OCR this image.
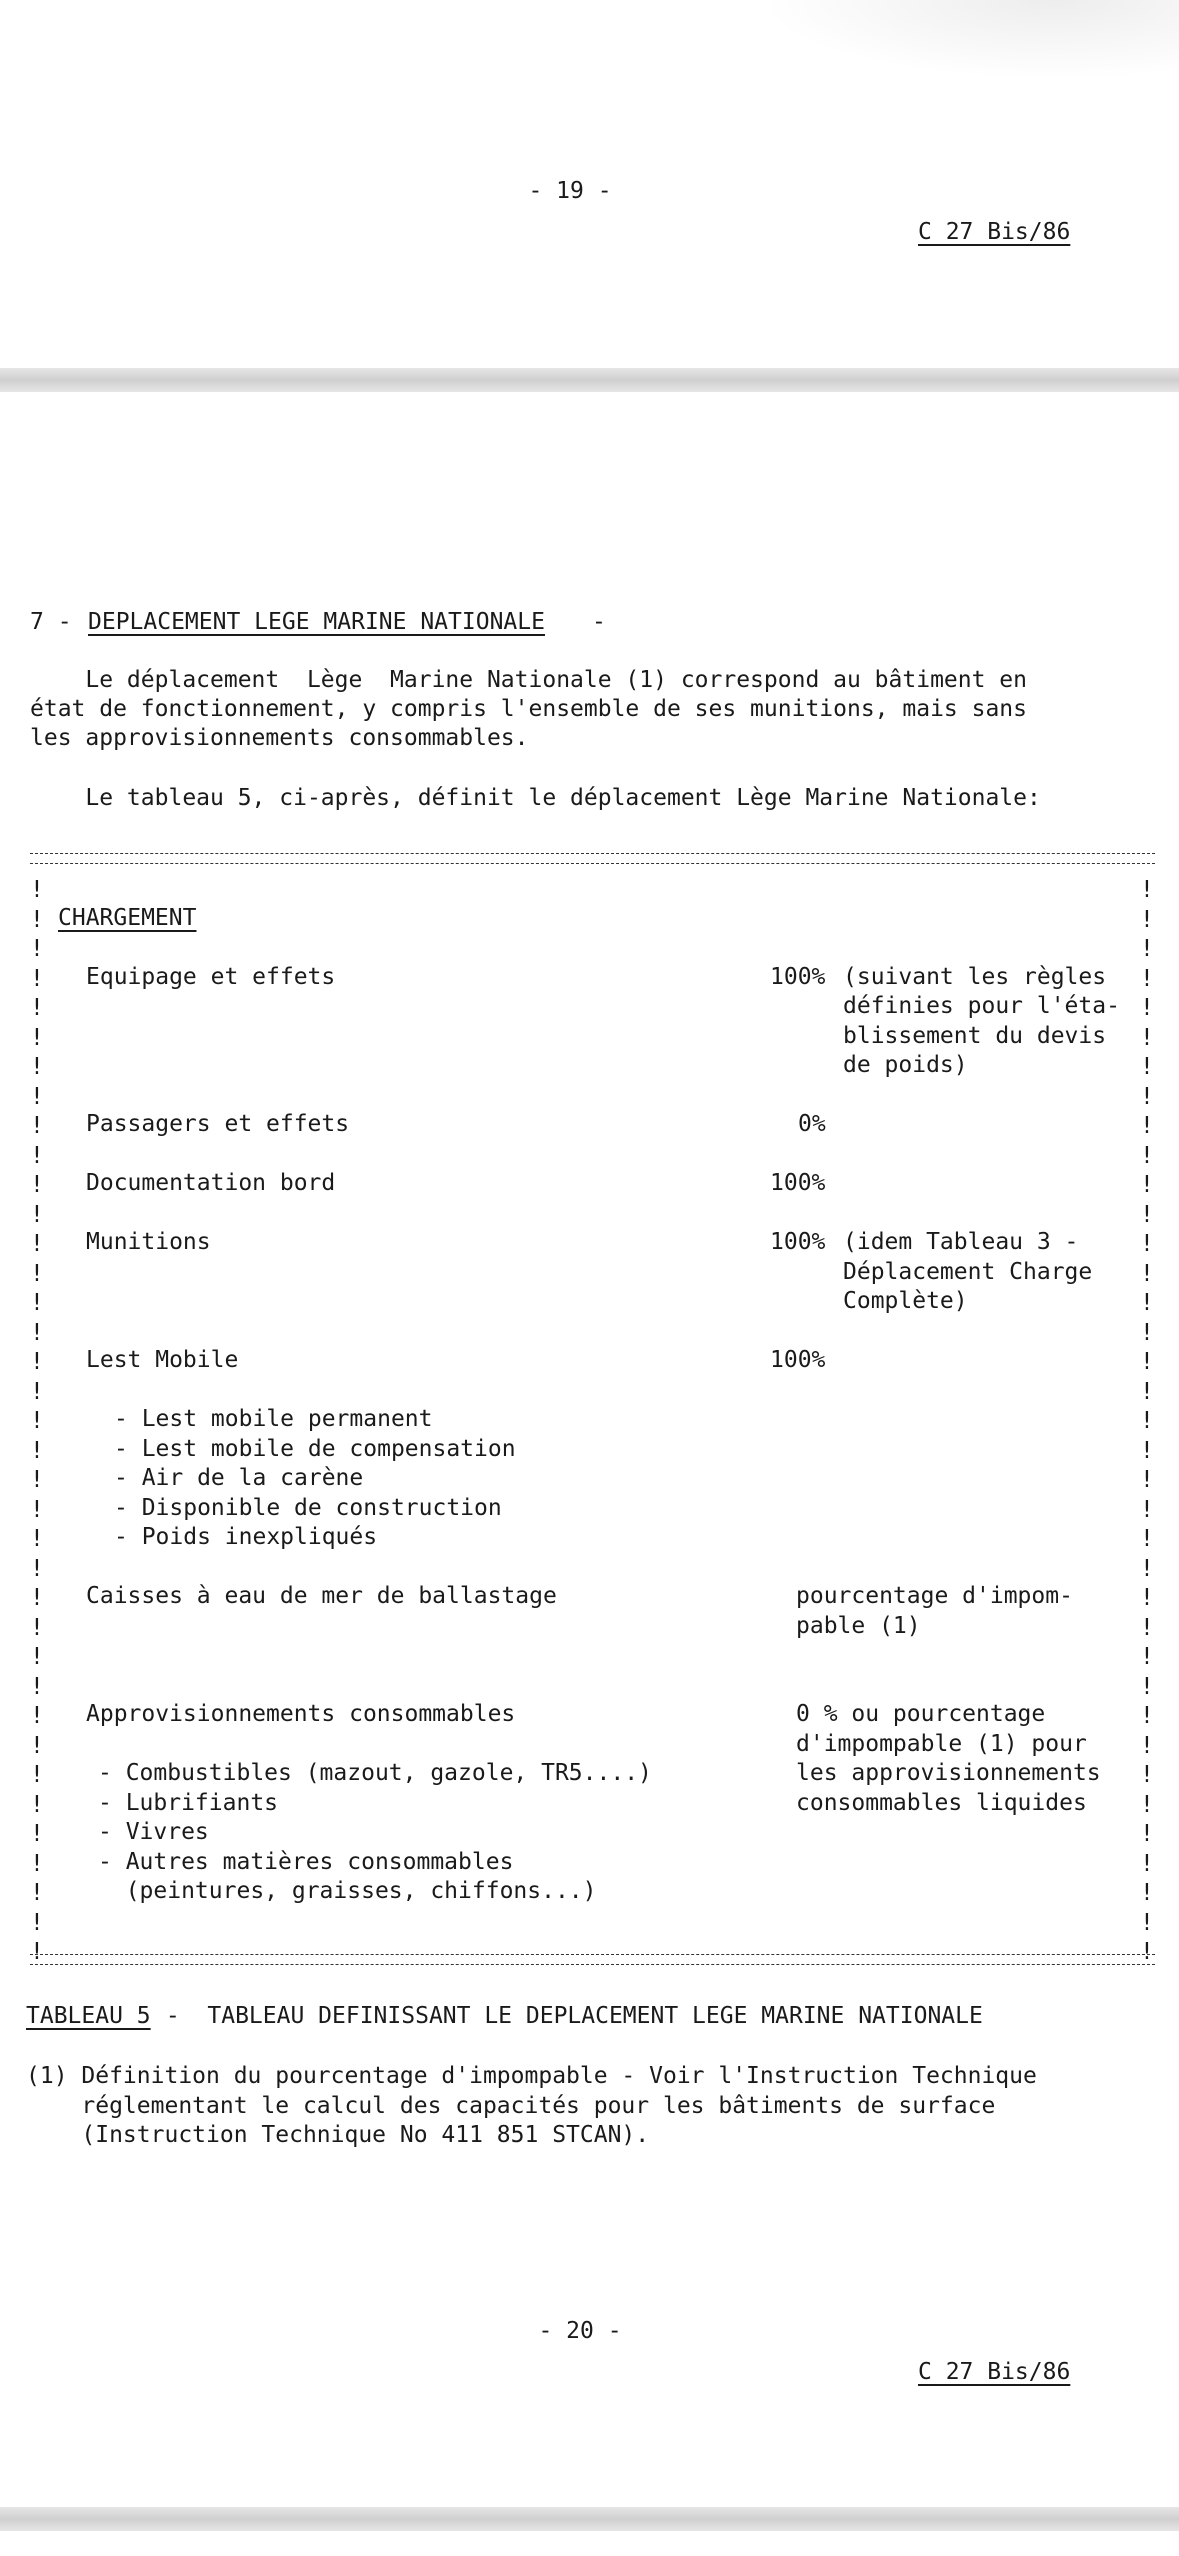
- 19 -
C 27 Bis/86
7 - DEPLACEMENT LEGE MARINE NATIONALE -
Le déplacement  Lège  Marine Nationale (1) correspond au bâtiment en
état de fonctionnement, y compris l'ensemble de ses munitions, mais sans
les approvisionnements consommables.
Le tableau 5, ci-après, définit le déplacement Lège Marine Nationale:
!
!
!
!
!
!
!
!
!
!
!
!
!
!
!
!
!
!
!
!
!
!
!
!
!
!
!
!
!
!
!
!
!
!
!
!
!
!
!
!
!
!
!
!
!
!
!
!
!
!
!
!
!
!
!
!
!
!
!
!
!
!
!
!
!
!
!
!
!
!
!
!
!
!
CHARGEMENT
Equipage et effets	100% (suivant les règles
définies pour l'éta-
blissement du devis
de poids)
Passagers et effets	0%
Documentation bord	100%
Munitions	100% (idem Tableau 3 -
Déplacement Charge
Complète)
Lest Mobile	100%
- Lest mobile permanent
- Lest mobile de compensation
- Air de la carène
- Disponible de construction
- Poids inexpliqués
Caisses à eau de mer de ballastage	pourcentage d'impom-
pable (1)
Approvisionnements consommables	0 % ou pourcentage
d'impompable (1) pour
les approvisionnements
consommables liquides
- Combustibles (mazout, gazole, TR5....)
- Lubrifiants
- Vivres
- Autres matières consommables
(peintures, graisses, chiffons...)
TABLEAU 5 -  TABLEAU DEFINISSANT LE DEPLACEMENT LEGE MARINE NATIONALE
(1) Définition du pourcentage d'impompable - Voir l'Instruction Technique
réglementant le calcul des capacités pour les bâtiments de surface
(Instruction Technique No 411 851 STCAN).
- 20 -
C 27 Bis/86
